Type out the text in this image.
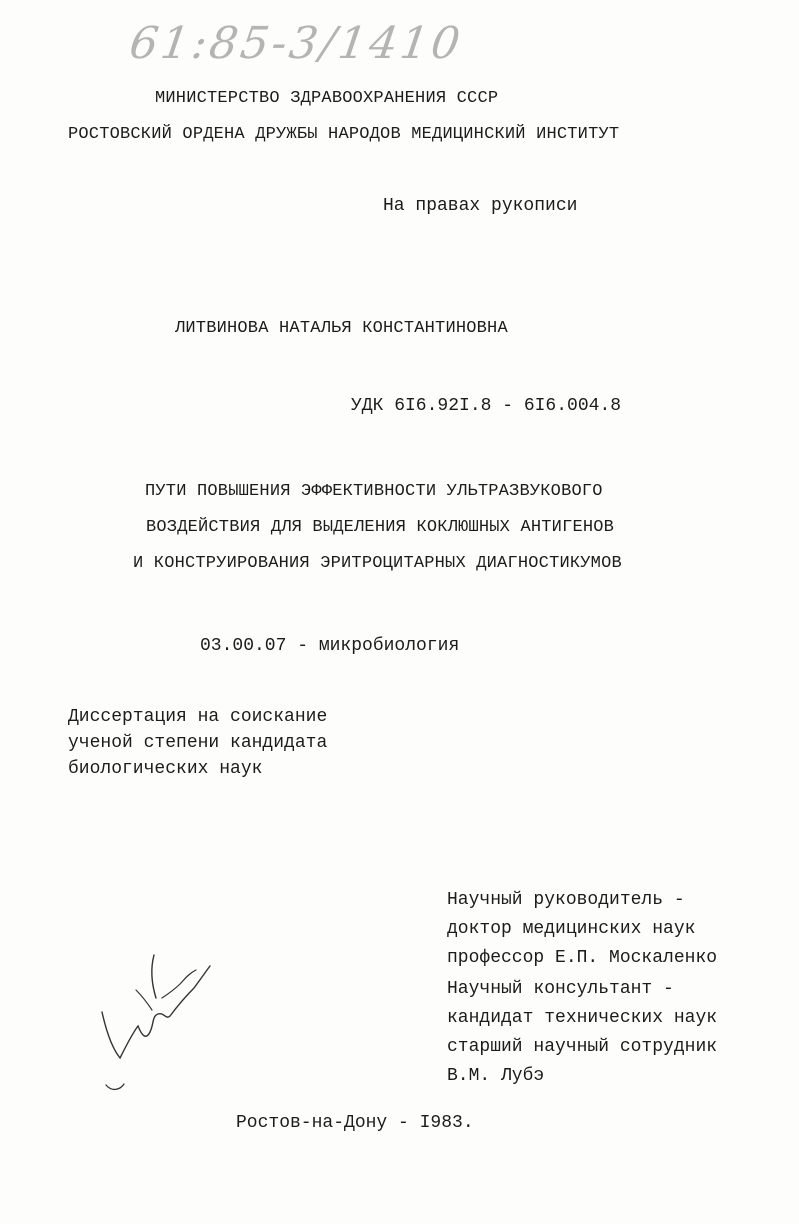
61:85-3/1410
МИНИСТЕРСТВО ЗДРАВООХРАНЕНИЯ СССР
РОСТОВСКИЙ ОРДЕНА ДРУЖБЫ НАРОДОВ МЕДИЦИНСКИЙ ИНСТИТУТ
На правах рукописи
ЛИТВИНОВА НАТАЛЬЯ КОНСТАНТИНОВНА
УДК 6I6.92I.8 - 6I6.004.8
ПУТИ ПОВЫШЕНИЯ ЭФФЕКТИВНОСТИ УЛЬТРАЗВУКОВОГО
ВОЗДЕЙСТВИЯ ДЛЯ ВЫДЕЛЕНИЯ КОКЛЮШНЫХ АНТИГЕНОВ
И КОНСТРУИРОВАНИЯ ЭРИТРОЦИТАРНЫХ ДИАГНОСТИКУМОВ
03.00.07 - микробиология
Диссертация на соискание
ученой степени кандидата
биологических наук
Научный руководитель -
доктор медицинских наук
профессор Е.П. Москаленко
Научный консультант -
кандидат технических наук
старший научный сотрудник
В.М. Лубэ
Ростов-на-Дону - I983.
